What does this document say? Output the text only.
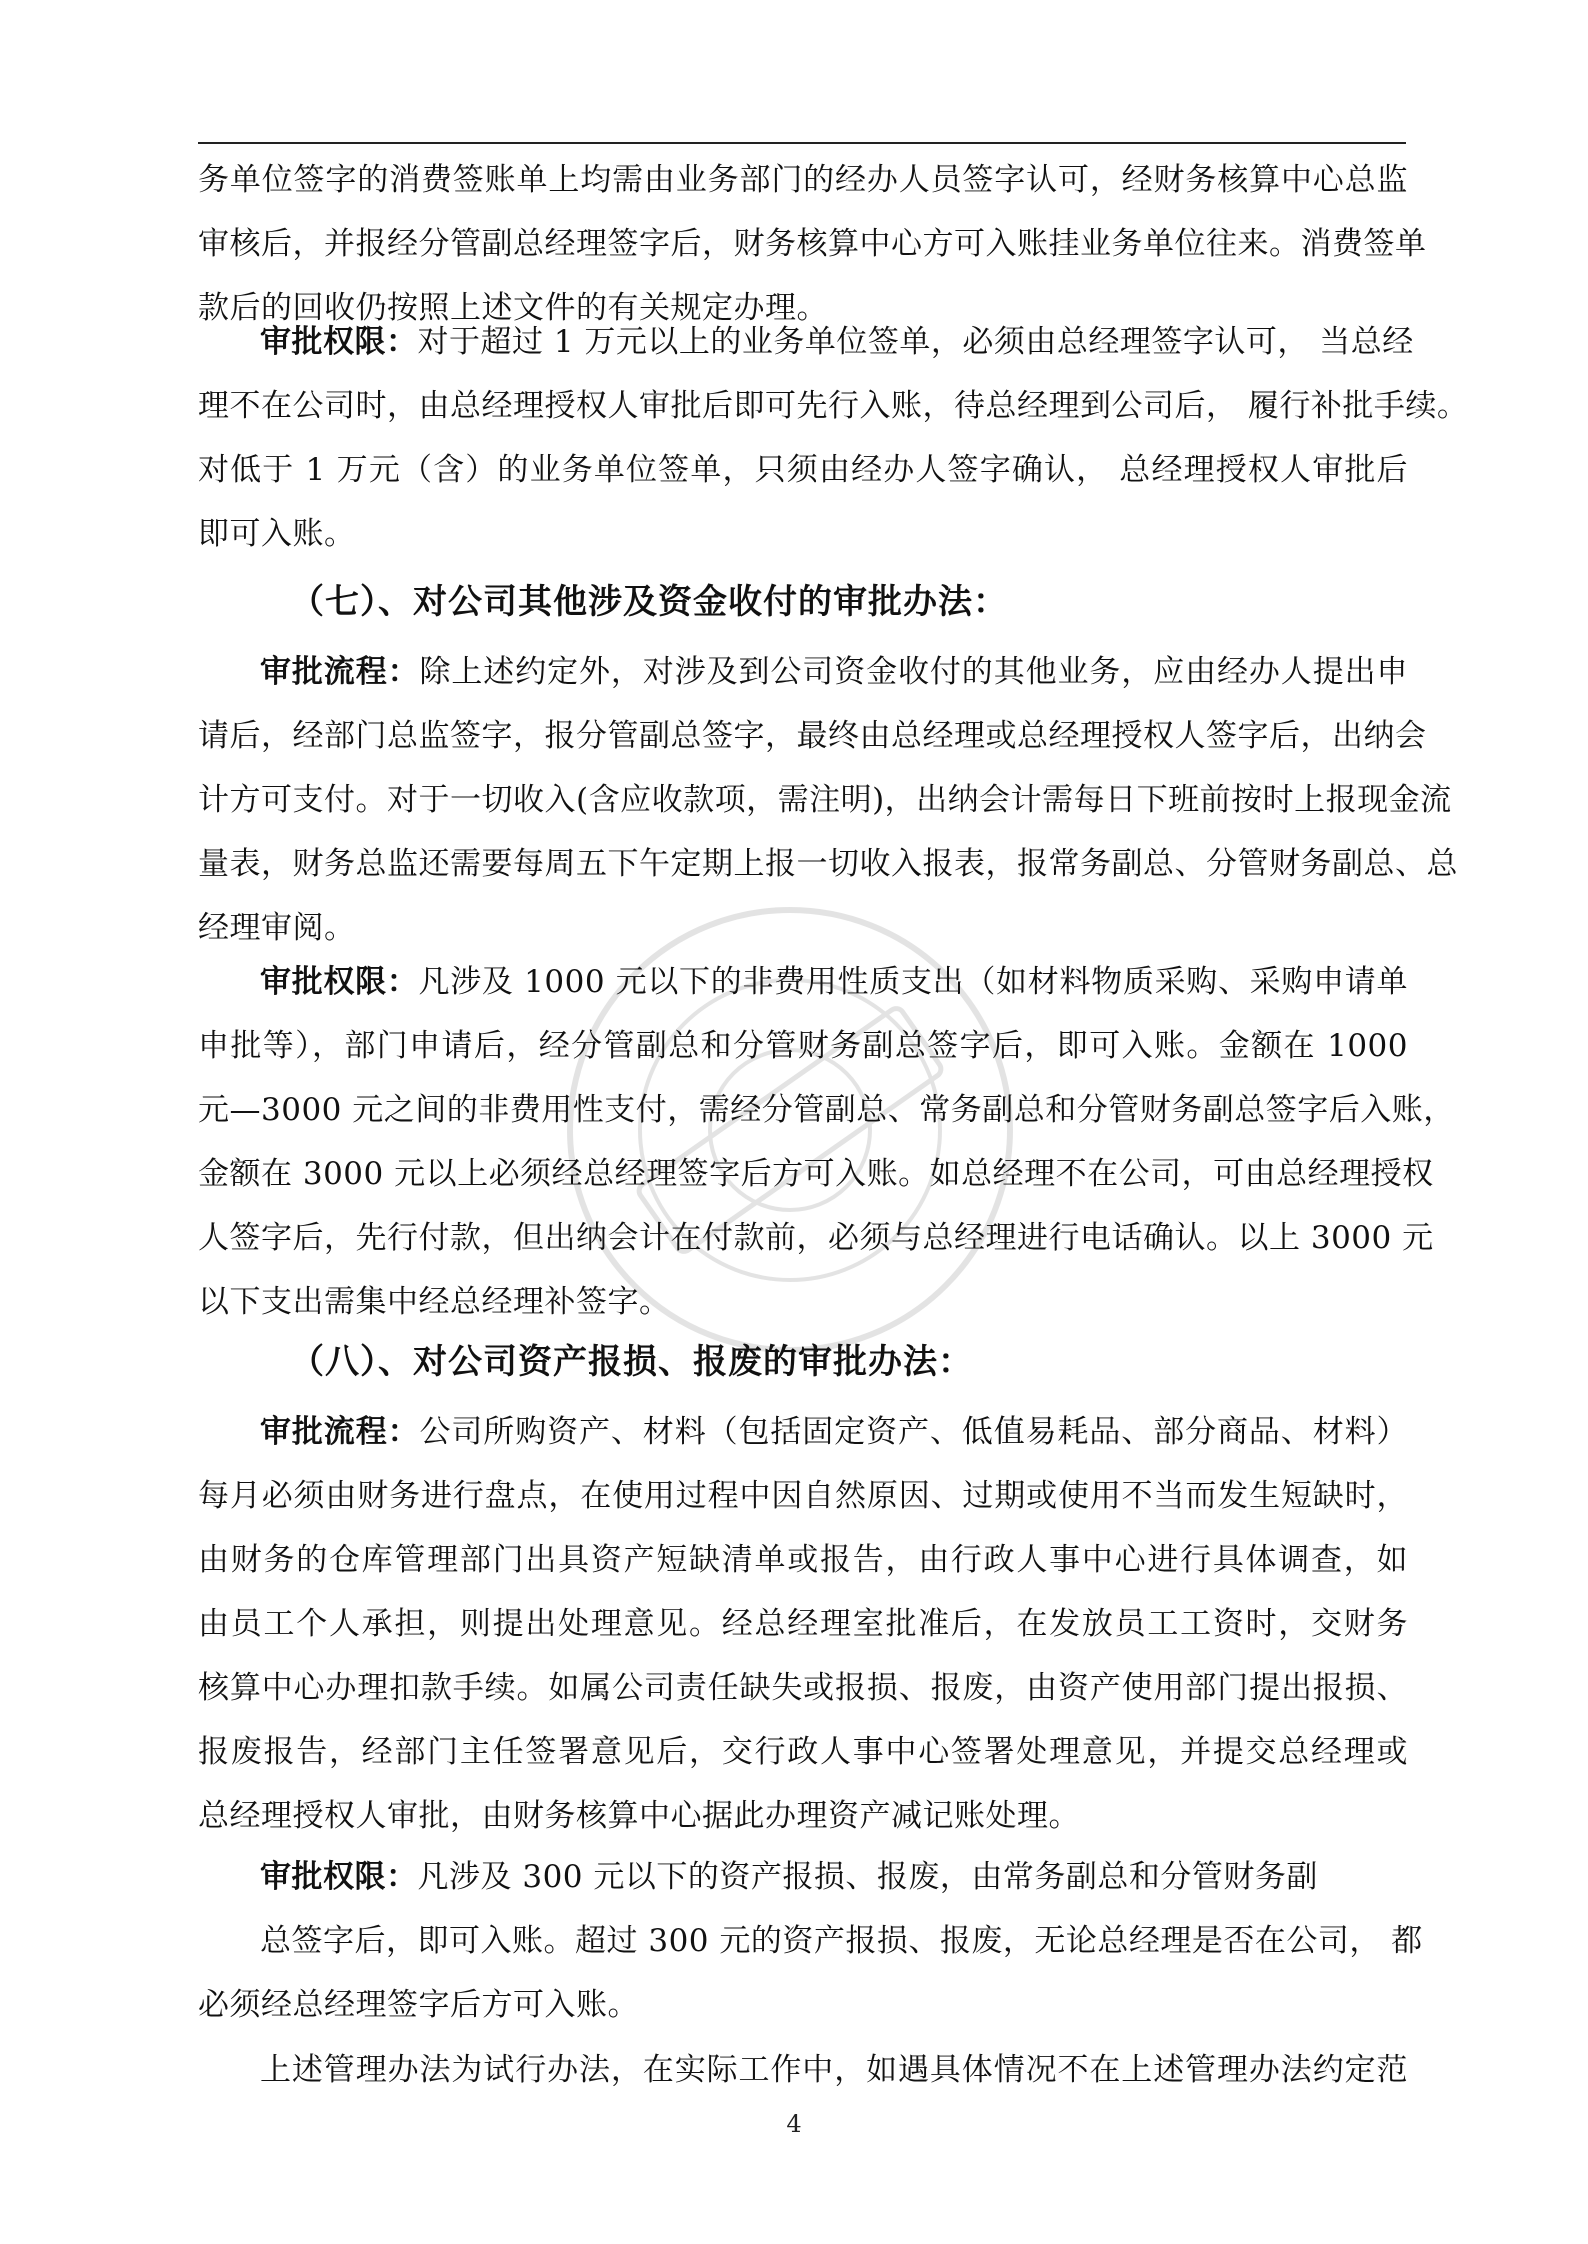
务单位签字的消费签账单上均需由业务部门的经办人员签字认可，经财务核算中心总监
审核后，并报经分管副总经理签字后，财务核算中心方可入账挂业务单位往来。消费签单
款后的回收仍按照上述文件的有关规定办理。
审批权限：对于超过 1 万元以上的业务单位签单，必须由总经理签字认可， 当总经
理不在公司时，由总经理授权人审批后即可先行入账，待总经理到公司后， 履行补批手续。
对低于 1 万元（含）的业务单位签单，只须由经办人签字确认， 总经理授权人审批后
即可入账。
（七）、对公司其他涉及资金收付的审批办法：
审批流程：除上述约定外，对涉及到公司资金收付的其他业务，应由经办人提出申
请后，经部门总监签字，报分管副总签字，最终由总经理或总经理授权人签字后，出纳会
计方可支付。对于一切收入(含应收款项，需注明)，出纳会计需每日下班前按时上报现金流
量表，财务总监还需要每周五下午定期上报一切收入报表，报常务副总、分管财务副总、总
经理审阅。
审批权限：凡涉及 1000 元以下的非费用性质支出（如材料物质采购、采购申请单
申批等），部门申请后，经分管副总和分管财务副总签字后，即可入账。金额在 1000
元—3000 元之间的非费用性支付，需经分管副总、常务副总和分管财务副总签字后入账，
金额在 3000 元以上必须经总经理签字后方可入账。如总经理不在公司，可由总经理授权
人签字后，先行付款，但出纳会计在付款前，必须与总经理进行电话确认。以上 3000 元
以下支出需集中经总经理补签字。
（八）、对公司资产报损、报废的审批办法：
审批流程：公司所购资产、材料（包括固定资产、低值易耗品、部分商品、材料）
每月必须由财务进行盘点，在使用过程中因自然原因、过期或使用不当而发生短缺时，
由财务的仓库管理部门出具资产短缺清单或报告，由行政人事中心进行具体调查，如
由员工个人承担，则提出处理意见。经总经理室批准后，在发放员工工资时，交财务
核算中心办理扣款手续。如属公司责任缺失或报损、报废，由资产使用部门提出报损、
报废报告，经部门主任签署意见后，交行政人事中心签署处理意见，并提交总经理或
总经理授权人审批，由财务核算中心据此办理资产减记账处理。
审批权限：凡涉及 300 元以下的资产报损、报废，由常务副总和分管财务副
总签字后，即可入账。超过 300 元的资产报损、报废，无论总经理是否在公司， 都
必须经总经理签字后方可入账。
上述管理办法为试行办法，在实际工作中，如遇具体情况不在上述管理办法约定范
4
